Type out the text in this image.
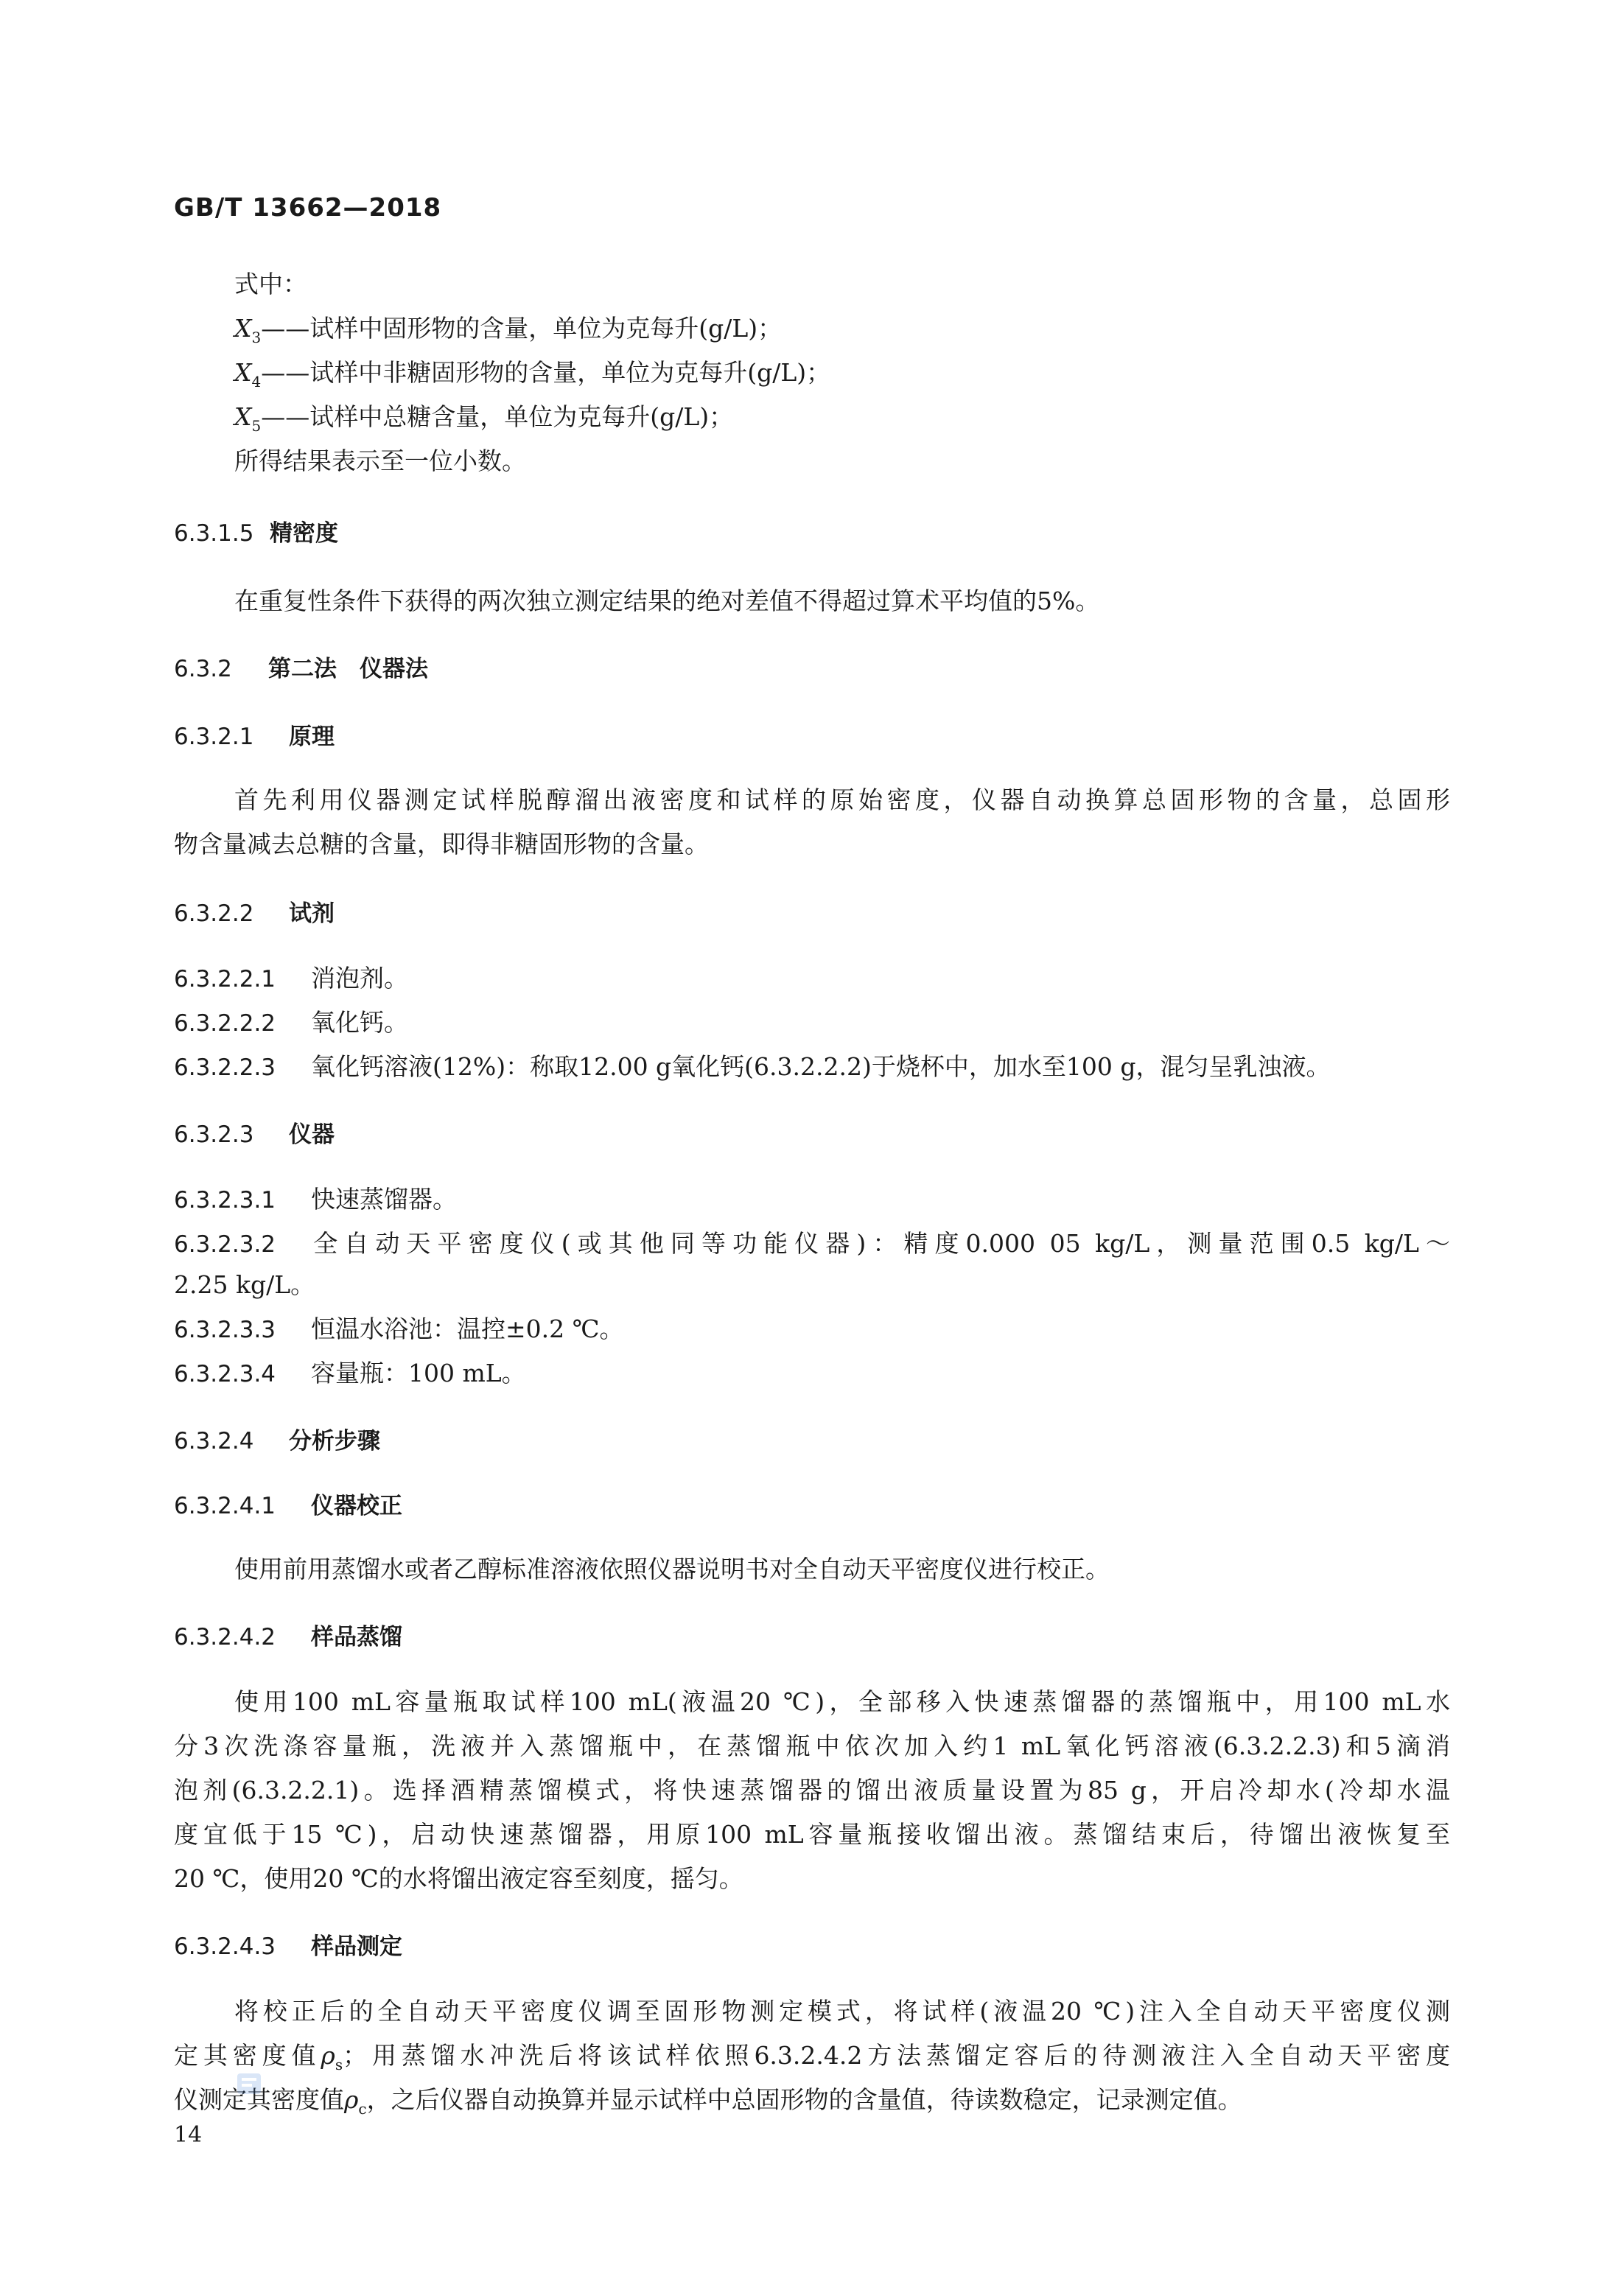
GB/T 13662—2018
式中：
$X_3——$试样中固形物的含量，单位为克每升(g/L)；
$X_4——$试样中非糖固形物的含量，单位为克每升(g/L)；
$X_5——$试样中总糖含量，单位为克每升(g/L)；
所得结果表示至一位小数。
6.3.1.5 精密度
在重复性条件下获得的两次独立测定结果的绝对差值不得超过算术平均值的5%。
6.3.2 第二法　仪器法
6.3.2.1 原理
首先利用仪器测定试样脱醇溜出液密度和试样的原始密度，仪器自动换算总固形物的含量，总固形
物含量减去总糖的含量，即得非糖固形物的含量。
6.3.2.2 试剂
6.3.2.2.1 消泡剂。
6.3.2.2.2 氧化钙。
6.3.2.2.3 氧化钙溶液(12%)：称取12.00 g氧化钙(6.3.2.2.2)于烧杯中，加水至100 g，混匀呈乳浊液。
6.3.2.3 仪器
6.3.2.3.1 快速蒸馏器。
6.3.2.3.2　 全自动天平密度仪(或其他同等功能仪器)：精度0.000 05 kg/L，测量范围0.5 kg/L～
2.25 kg/L。
6.3.2.3.3 恒温水浴池：温控±0.2 ℃。
6.3.2.3.4 容量瓶：100 mL。
6.3.2.4 分析步骤
6.3.2.4.1 仪器校正
使用前用蒸馏水或者乙醇标准溶液依照仪器说明书对全自动天平密度仪进行校正。
6.3.2.4.2 样品蒸馏
使用100 mL容量瓶取试样100 mL(液温20 ℃)，全部移入快速蒸馏器的蒸馏瓶中，用100 mL水
分3次洗涤容量瓶，洗液并入蒸馏瓶中，在蒸馏瓶中依次加入约1 mL氧化钙溶液(6.3.2.2.3)和5滴消
泡剂(6.3.2.2.1)。选择酒精蒸馏模式，将快速蒸馏器的馏出液质量设置为85 g，开启冷却水(冷却水温
度宜低于15 ℃)，启动快速蒸馏器，用原100 mL容量瓶接收馏出液。蒸馏结束后，待馏出液恢复至
20 ℃，使用20 ℃的水将馏出液定容至刻度，摇匀。
6.3.2.4.3 样品测定
将校正后的全自动天平密度仪调至固形物测定模式，将试样(液温20 ℃)注入全自动天平密度仪测
定其密度值$\rho_s$；用蒸馏水冲洗后将该试样依照6.3.2.4.2方法蒸馏定容后的待测液注入全自动天平密度
仪测定其密度值$\rho_c$，之后仪器自动换算并显示试样中总固形物的含量值，待读数稳定，记录测定值。
14
